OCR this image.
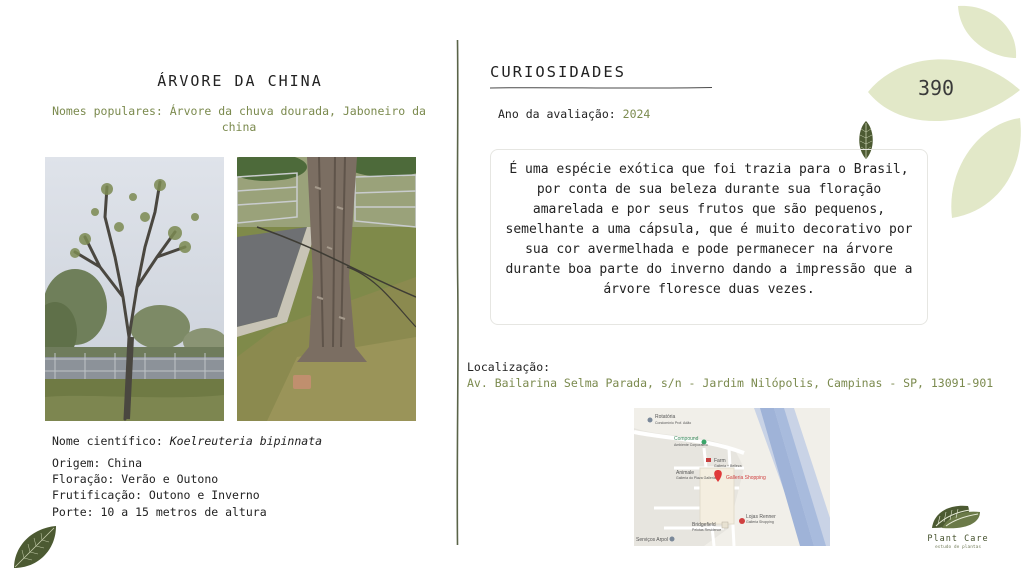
390
ÁRVORE DA CHINA
Nomes populares: Árvore da chuva dourada, Jaboneiro da china
Nome científico: Koelreuteria bipinnata
Origem: China
Floração: Verão e Outono
Frutificação: Outono e Inverno
Porte: 10 a 15 metros de altura
CURIOSIDADES
Ano da avaliação: 2024
É uma espécie exótica que foi trazia para o Brasil, por conta de sua beleza durante sua floração amarelada e por seus frutos que são pequenos, semelhante a uma cápsula, que é muito decorativo por sua cor avermelhada e pode permanecer na árvore durante boa parte do inverno dando a impressão que a árvore floresce duas vezes.
Localização:
Av. Bailarina Selma Parada, s/n - Jardim Nilópolis, Campinas - SP, 13091-901
Rotatória
Condomínio Prof. Adão
Compound
Ambiente Corporativo
Farm
Galleria + Belleza
Animale
Galleria do Plaza Galleria Galleria Shopping
Lojas Renner
Galleria Shopping
Bridgefield
Pelotas Residence
Serviços Arpol	Plant Care
estudo de plantas
